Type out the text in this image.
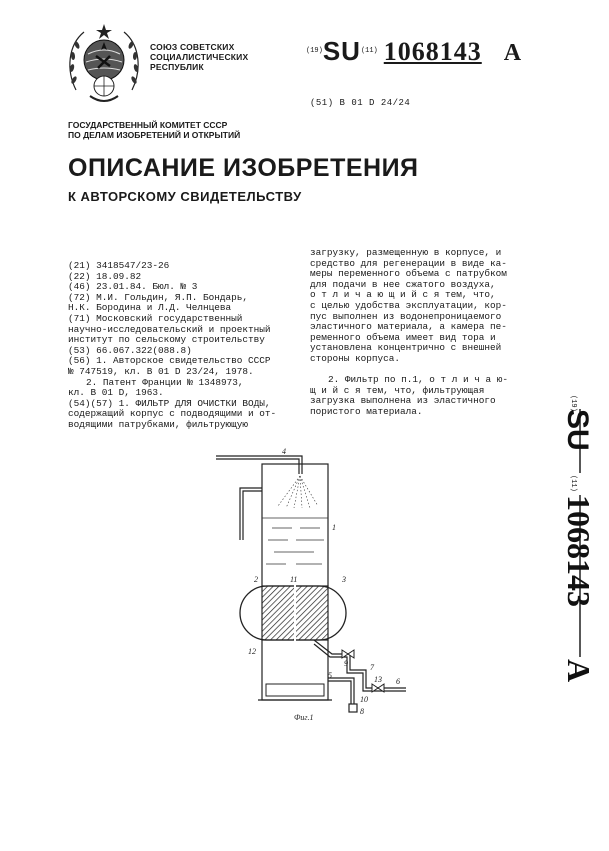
СОЮЗ СОВЕТСКИХ
СОЦИАЛИСТИЧЕСКИХ
РЕСПУБЛИК
$^{(19)}$SU$^{(11)}$ 1068143 A
(51) В 01 D 24/24
ГОСУДАРСТВЕННЫЙ КОМИТЕТ СССР
ПО ДЕЛАМ ИЗОБРЕТЕНИЙ И ОТКРЫТИЙ
ОПИСАНИЕ ИЗОБРЕТЕНИЯ
К АВТОРСКОМУ СВИДЕТЕЛЬСТВУ
(21) 3418547/23-26
(22) 18.09.82
(46) 23.01.84. Бюл. № 3
(72) М.И. Гольдин, Я.П. Бондарь,
Н.К. Бородина и Л.Д. Челнцева
(71) Московский государственный
научно-исследовательский и проектный
институт по сельскому строительству
(53) 66.067.322(088.8)
(56) 1. Авторское свидетельство СССР
№ 747519, кл. В 01 D 23/24, 1978.
2. Патент Франции № 1348973,
кл. В 01 D, 1963.
(54)(57) 1. ФИЛЬТР ДЛЯ ОЧИСТКИ ВОДЫ,
содержащий корпус с подводящими и от-
водящими патрубками, фильтрующую
загрузку, размещенную в корпусе, и
средство для регенерации в виде ка-
меры переменного объема с патрубком
для подачи в нее сжатого воздуха,
о т л и ч а ю щ и й с я тем, что,
с целью удобства эксплуатации, кор-
пус выполнен из водонепроницаемого
эластичного материала, а камера пе-
ременного объема имеет вид тора и
установлена концентрично с внешней
стороны корпуса.
2. Фильтр по п.1, о т л и ч а ю-
щ и й с я тем, что, фильтрующая
загрузка выполнена из эластичного
пористого материала.	(19)
SU
(11)
1068143
A
4
1
2	11	3
12
9	7
5
6
13
10
8
Фиг.1
